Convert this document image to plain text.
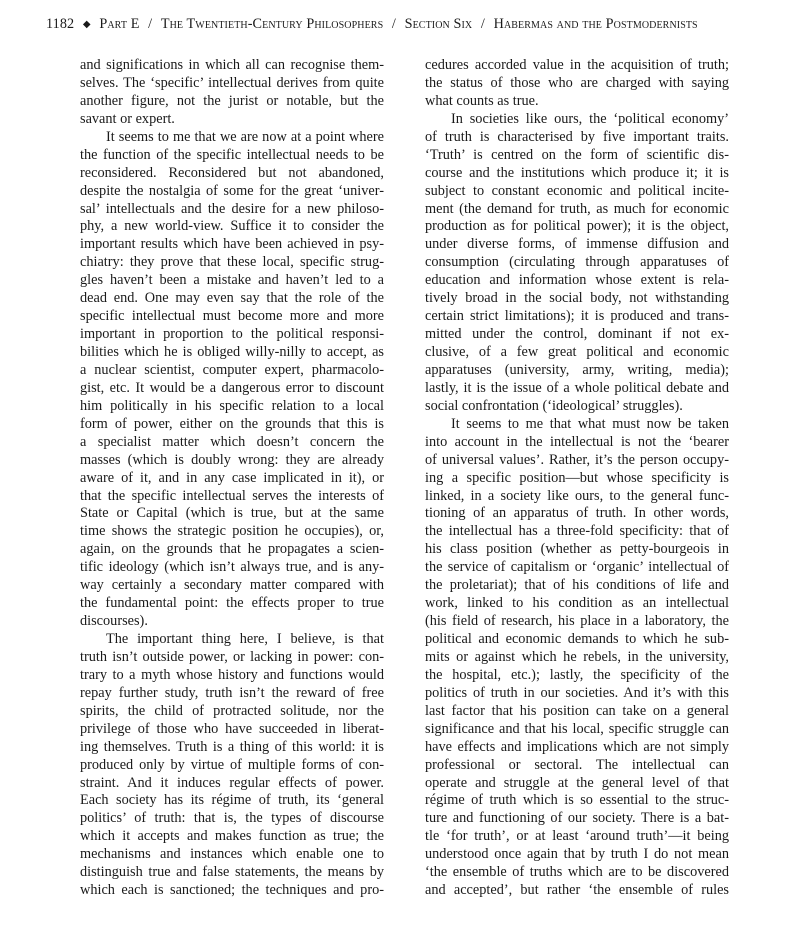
1182 ◆ Part E / The Twentieth-Century Philosophers / Section Six / Habermas and the Postmodernists
and significations in which all can recognise them-
selves. The ‘specific’ intellectual derives from quite
another figure, not the jurist or notable, but the
savant or expert.
It seems to me that we are now at a point where
the function of the specific intellectual needs to be
reconsidered. Reconsidered but not abandoned,
despite the nostalgia of some for the great ‘univer-
sal’ intellectuals and the desire for a new philoso-
phy, a new world-view. Suffice it to consider the
important results which have been achieved in psy-
chiatry: they prove that these local, specific strug-
gles haven’t been a mistake and haven’t led to a
dead end. One may even say that the role of the
specific intellectual must become more and more
important in proportion to the political responsi-
bilities which he is obliged willy-nilly to accept, as
a nuclear scientist, computer expert, pharmacolo-
gist, etc. It would be a dangerous error to discount
him politically in his specific relation to a local
form of power, either on the grounds that this is
a specialist matter which doesn’t concern the
masses (which is doubly wrong: they are already
aware of it, and in any case implicated in it), or
that the specific intellectual serves the interests of
State or Capital (which is true, but at the same
time shows the strategic position he occupies), or,
again, on the grounds that he propagates a scien-
tific ideology (which isn’t always true, and is any-
way certainly a secondary matter compared with
the fundamental point: the effects proper to true
discourses).
The important thing here, I believe, is that
truth isn’t outside power, or lacking in power: con-
trary to a myth whose history and functions would
repay further study, truth isn’t the reward of free
spirits, the child of protracted solitude, nor the
privilege of those who have succeeded in liberat-
ing themselves. Truth is a thing of this world: it is
produced only by virtue of multiple forms of con-
straint. And it induces regular effects of power.
Each society has its régime of truth, its ‘general
politics’ of truth: that is, the types of discourse
which it accepts and makes function as true; the
mechanisms and instances which enable one to
distinguish true and false statements, the means by
which each is sanctioned; the techniques and pro-
cedures accorded value in the acquisition of truth;
the status of those who are charged with saying
what counts as true.
In societies like ours, the ‘political economy’
of truth is characterised by five important traits.
‘Truth’ is centred on the form of scientific dis-
course and the institutions which produce it; it is
subject to constant economic and political incite-
ment (the demand for truth, as much for economic
production as for political power); it is the object,
under diverse forms, of immense diffusion and
consumption (circulating through apparatuses of
education and information whose extent is rela-
tively broad in the social body, not withstanding
certain strict limitations); it is produced and trans-
mitted under the control, dominant if not ex-
clusive, of a few great political and economic
apparatuses (university, army, writing, media);
lastly, it is the issue of a whole political debate and
social confrontation (‘ideological’ struggles).
It seems to me that what must now be taken
into account in the intellectual is not the ‘bearer
of universal values’. Rather, it’s the person occupy-
ing a specific position—but whose specificity is
linked, in a society like ours, to the general func-
tioning of an apparatus of truth. In other words,
the intellectual has a three-fold specificity: that of
his class position (whether as petty-bourgeois in
the service of capitalism or ‘organic’ intellectual of
the proletariat); that of his conditions of life and
work, linked to his condition as an intellectual
(his field of research, his place in a laboratory, the
political and economic demands to which he sub-
mits or against which he rebels, in the university,
the hospital, etc.); lastly, the specificity of the
politics of truth in our societies. And it’s with this
last factor that his position can take on a general
significance and that his local, specific struggle can
have effects and implications which are not simply
professional or sectoral. The intellectual can
operate and struggle at the general level of that
régime of truth which is so essential to the struc-
ture and functioning of our society. There is a bat-
tle ‘for truth’, or at least ‘around truth’—it being
understood once again that by truth I do not mean
‘the ensemble of truths which are to be discovered
and accepted’, but rather ‘the ensemble of rules
